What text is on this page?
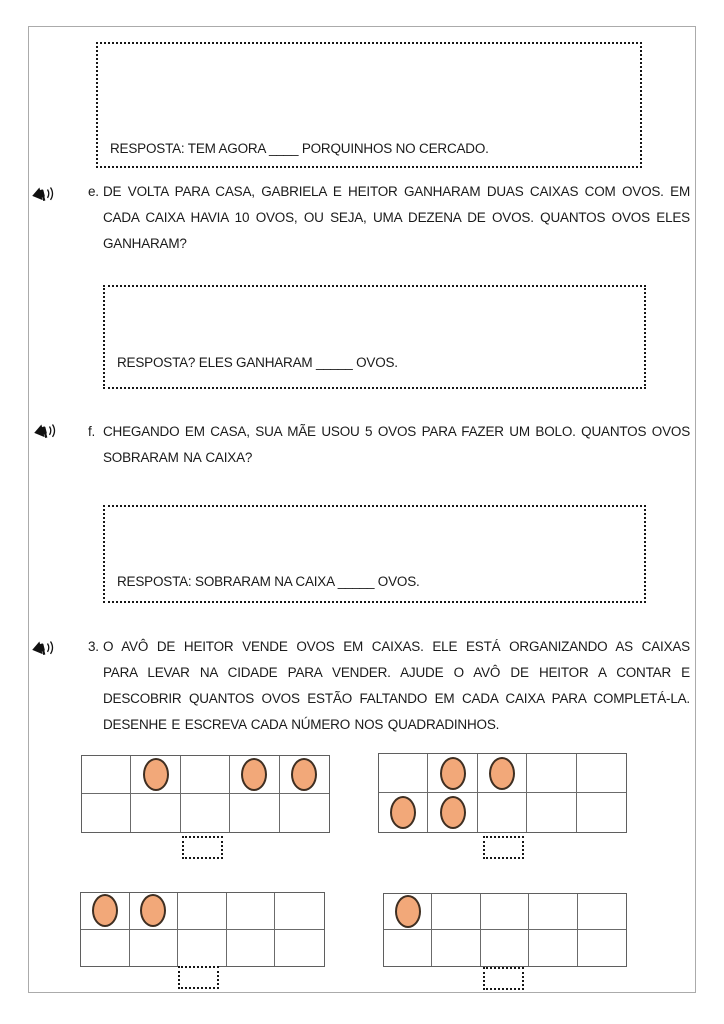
RESPOSTA: TEM AGORA ____ PORQUINHOS NO CERCADO.
e. DE VOLTA PARA CASA, GABRIELA E HEITOR GANHARAM DUAS CAIXAS COM OVOS. EM
CADA CAIXA HAVIA 10 OVOS, OU SEJA, UMA DEZENA DE OVOS. QUANTOS OVOS ELES
GANHARAM?
RESPOSTA? ELES GANHARAM _____ OVOS.
f. CHEGANDO EM CASA, SUA MÃE USOU 5 OVOS PARA FAZER UM BOLO. QUANTOS OVOS
SOBRARAM NA CAIXA?
RESPOSTA: SOBRARAM NA CAIXA _____ OVOS.
3. O AVÔ DE HEITOR VENDE OVOS EM CAIXAS. ELE ESTÁ ORGANIZANDO AS CAIXAS
PARA LEVAR NA CIDADE PARA VENDER. AJUDE O AVÔ DE HEITOR A CONTAR E
DESCOBRIR QUANTOS OVOS ESTÃO FALTANDO EM CADA CAIXA PARA COMPLETÁ-LA.
DESENHE E ESCREVA CADA NÚMERO NOS QUADRADINHOS.
